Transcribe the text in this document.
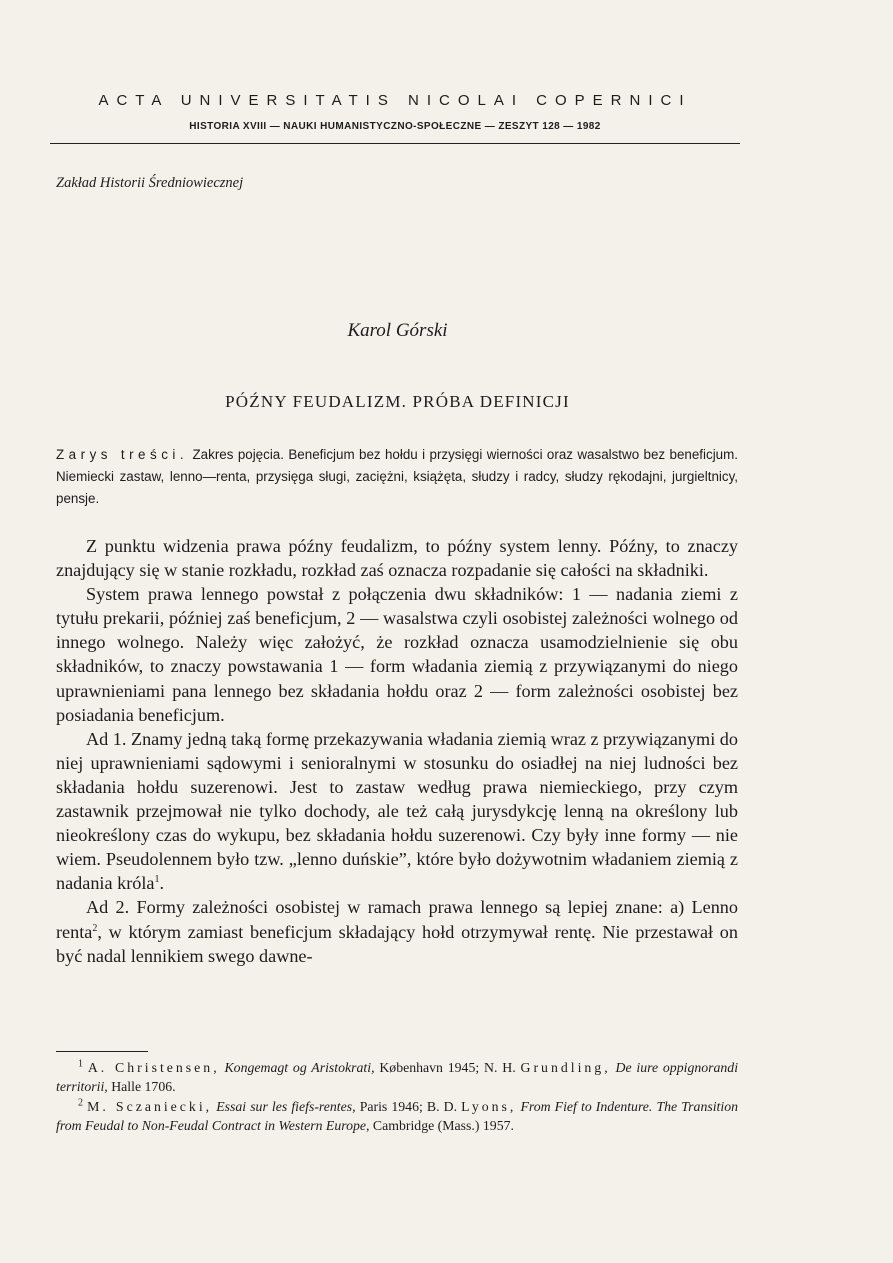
ACTA UNIVERSITATIS NICOLAI COPERNICI
HISTORIA XVIII — NAUKI HUMANISTYCZNO-SPOŁECZNE — ZESZYT 128 — 1982
Zakład Historii Średniowiecznej
Karol Górski
PÓŹNY FEUDALIZM. PRÓBA DEFINICJI
Zarys treści. Zakres pojęcia. Beneficjum bez hołdu i przysięgi wierności oraz wasalstwo bez beneficjum. Niemiecki zastaw, lenno—renta, przysięga sługi, zaciężni, książęta, słudzy i radcy, słudzy rękodajni, jurgieltnicy, pensje.

Z punktu widzenia prawa późny feudalizm, to późny system lenny. Późny, to znaczy znajdujący się w stanie rozkładu, rozkład zaś oznacza rozpadanie się całości na składniki.

System prawa lennego powstał z połączenia dwu składników: 1 — nadania ziemi z tytułu prekarii, później zaś beneficjum, 2 — wasalstwa czyli osobistej zależności wolnego od innego wolnego. Należy więc założyć, że rozkład oznacza usamodzielnienie się obu składników, to znaczy powstawania 1 — form władania ziemią z przywiązanymi do niego uprawnieniami pana lennego bez składania hołdu oraz 2 — form zależności osobistej bez posiadania beneficjum.

Ad 1. Znamy jedną taką formę przekazywania władania ziemią wraz z przywiązanymi do niej uprawnieniami sądowymi i senioralnymi w stosunku do osiadłej na niej ludności bez składania hołdu suzerenowi. Jest to zastaw według prawa niemieckiego, przy czym zastawnik przejmował nie tylko dochody, ale też całą jurysdykcję lenną na określony lub nieokreślony czas do wykupu, bez składania hołdu suzerenowi. Czy były inne formy — nie wiem. Pseudolennem było tzw. „lenno duńskie”, które było dożywotnim władaniem ziemią z nadania króla$^1$.

Ad 2. Formy zależności osobistej w ramach prawa lennego są lepiej znane: a) Lenno renta$^2$, w którym zamiast beneficjum składający hołd otrzymywał rentę. Nie przestawał on być nadal lennikiem swego dawne-

$^1$ A. Christensen, Kongemagt og Aristokrati, København 1945; N. H. Grundling, De iure oppignorandi territorii, Halle 1706.

$^2$ M. Sczaniecki, Essai sur les fiefs-rentes, Paris 1946; B. D. Lyons, From Fief to Indenture. The Transition from Feudal to Non-Feudal Contract in Western Europe, Cambridge (Mass.) 1957.
